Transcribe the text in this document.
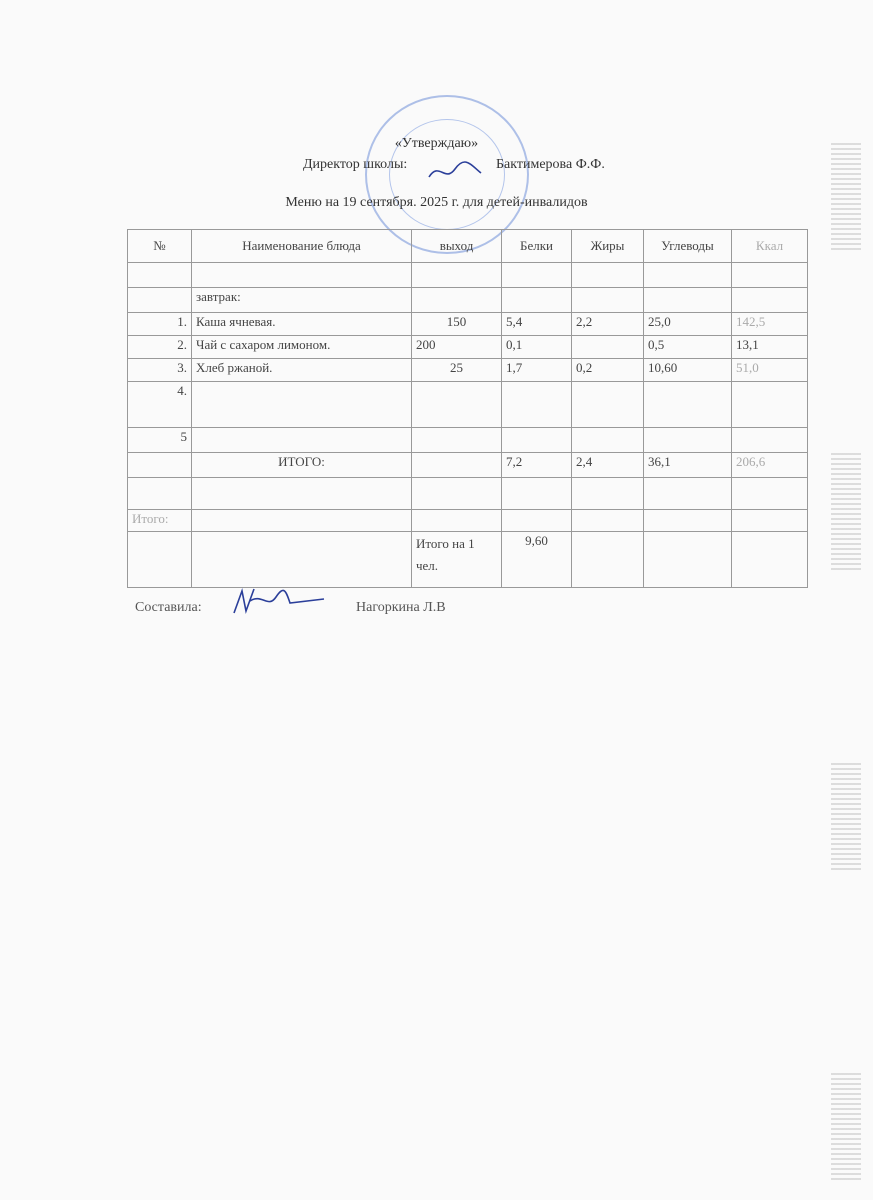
«Утверждаю»
Директор школы:	Бактимерова Ф.Ф.
Меню на 19 сентября. 2025 г. для детей-инвалидов
№	Наименование блюда	выход	Белки	Жиры	Углеводы	Ккал

	завтрак:					
1.	Каша ячневая.	150	5,4	2,2	25,0	142,5
2.	Чай с сахаром лимоном.	200	0,1		0,5	13,1
3.	Хлеб ржаной.	25	1,7	0,2	10,60	51,0
4.						
5						
	ИТОГО:		7,2	2,4	36,1	206,6

Итого:						
		Итого на 1 чел.	9,60			
Составила:	Нагоркина Л.В
